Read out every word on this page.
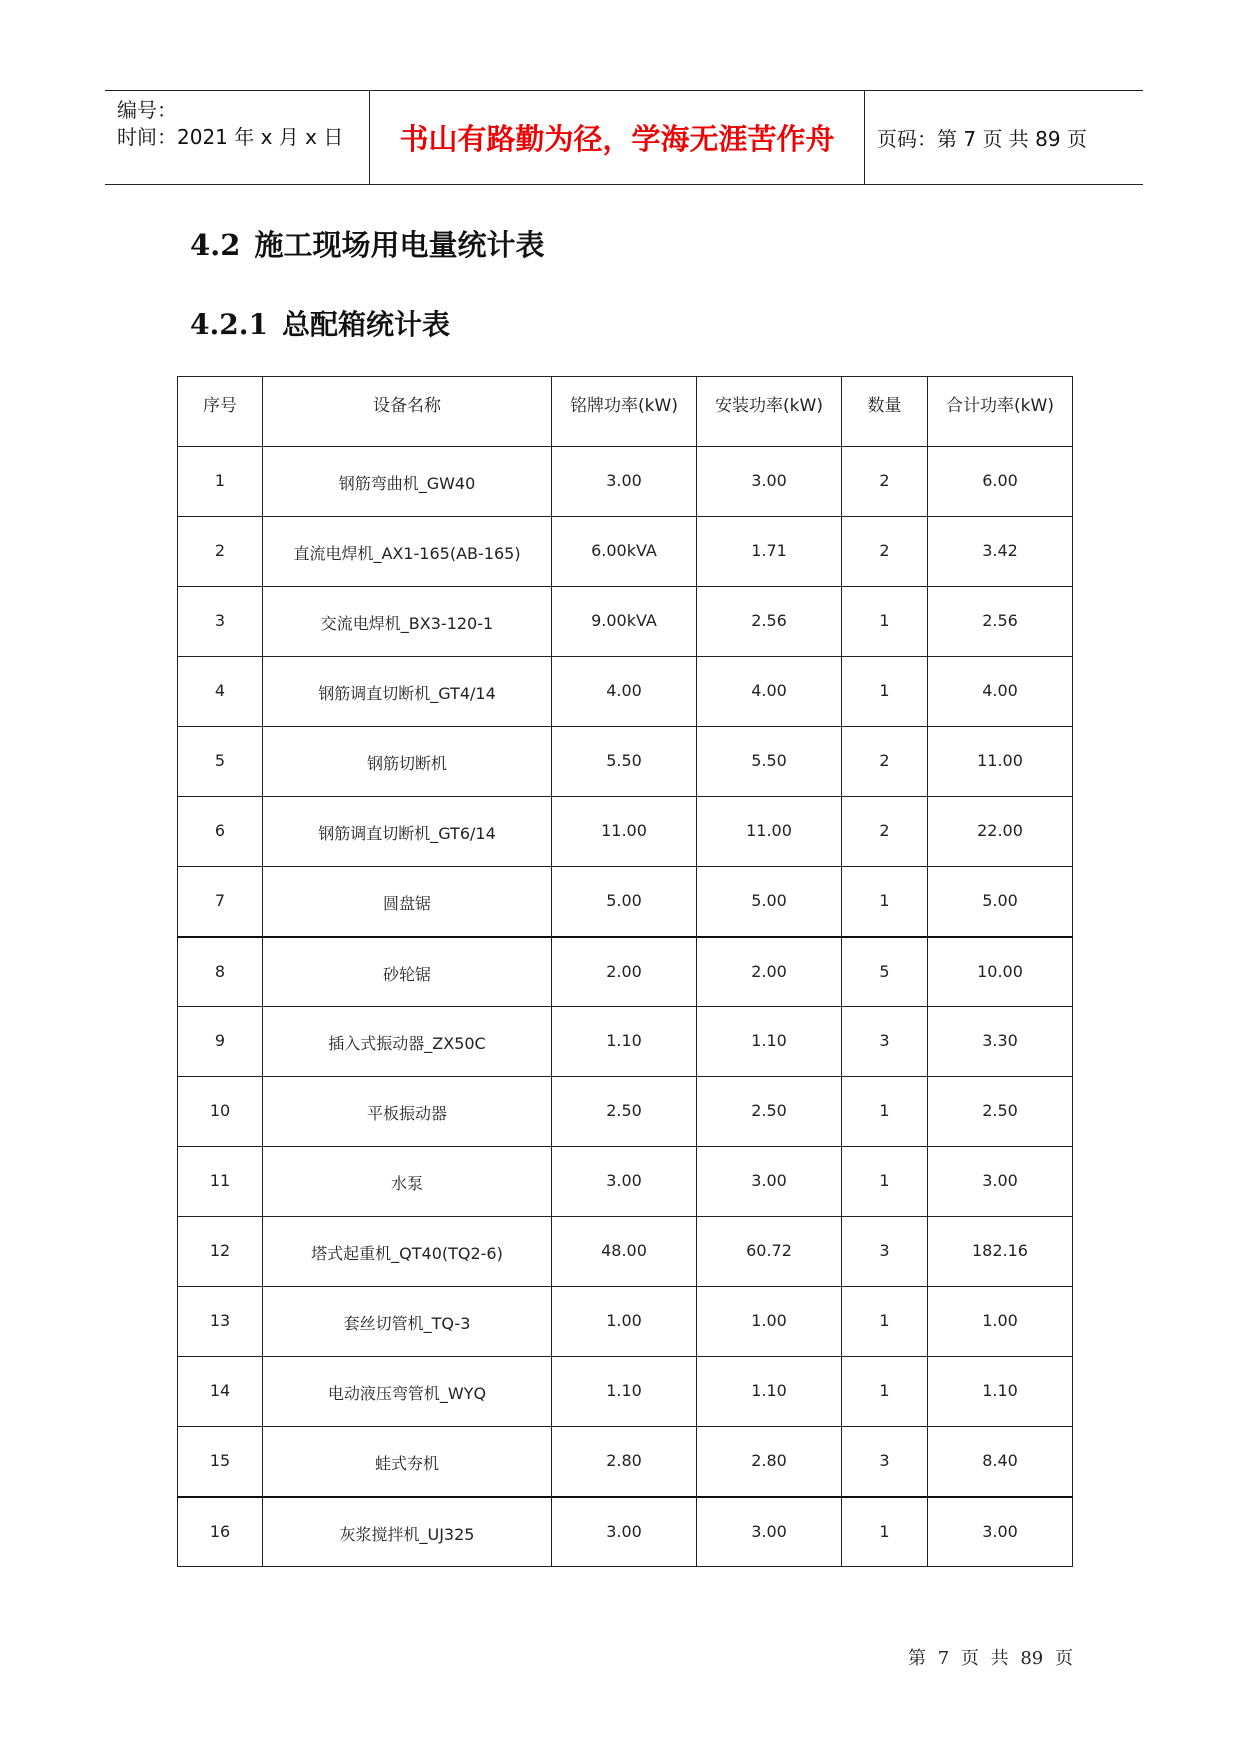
编号：
时间：2021 年 x 月 x 日	书山有路勤为径，学海无涯苦作舟	页码：第 7 页 共 89 页
4.2 施工现场用电量统计表
4.2.1 总配箱统计表
序号	设备名称	铭牌功率(kW)	安装功率(kW)	数量	合计功率(kW)
1	钢筋弯曲机_GW40	3.00	3.00	2	6.00
2	直流电焊机_AX1-165(AB-165)	6.00kVA	1.71	2	3.42
3	交流电焊机_BX3-120-1	9.00kVA	2.56	1	2.56
4	钢筋调直切断机_GT4/14	4.00	4.00	1	4.00
5	钢筋切断机	5.50	5.50	2	11.00
6	钢筋调直切断机_GT6/14	11.00	11.00	2	22.00
7	圆盘锯	5.00	5.00	1	5.00
8	砂轮锯	2.00	2.00	5	10.00
9	插入式振动器_ZX50C	1.10	1.10	3	3.30
10	平板振动器	2.50	2.50	1	2.50
11	水泵	3.00	3.00	1	3.00
12	塔式起重机_QT40(TQ2-6)	48.00	60.72	3	182.16
13	套丝切管机_TQ-3	1.00	1.00	1	1.00
14	电动液压弯管机_WYQ	1.10	1.10	1	1.10
15	蛙式夯机	2.80	2.80	3	8.40
16	灰浆搅拌机_UJ325	3.00	3.00	1	3.00
第 7 页 共 89 页
